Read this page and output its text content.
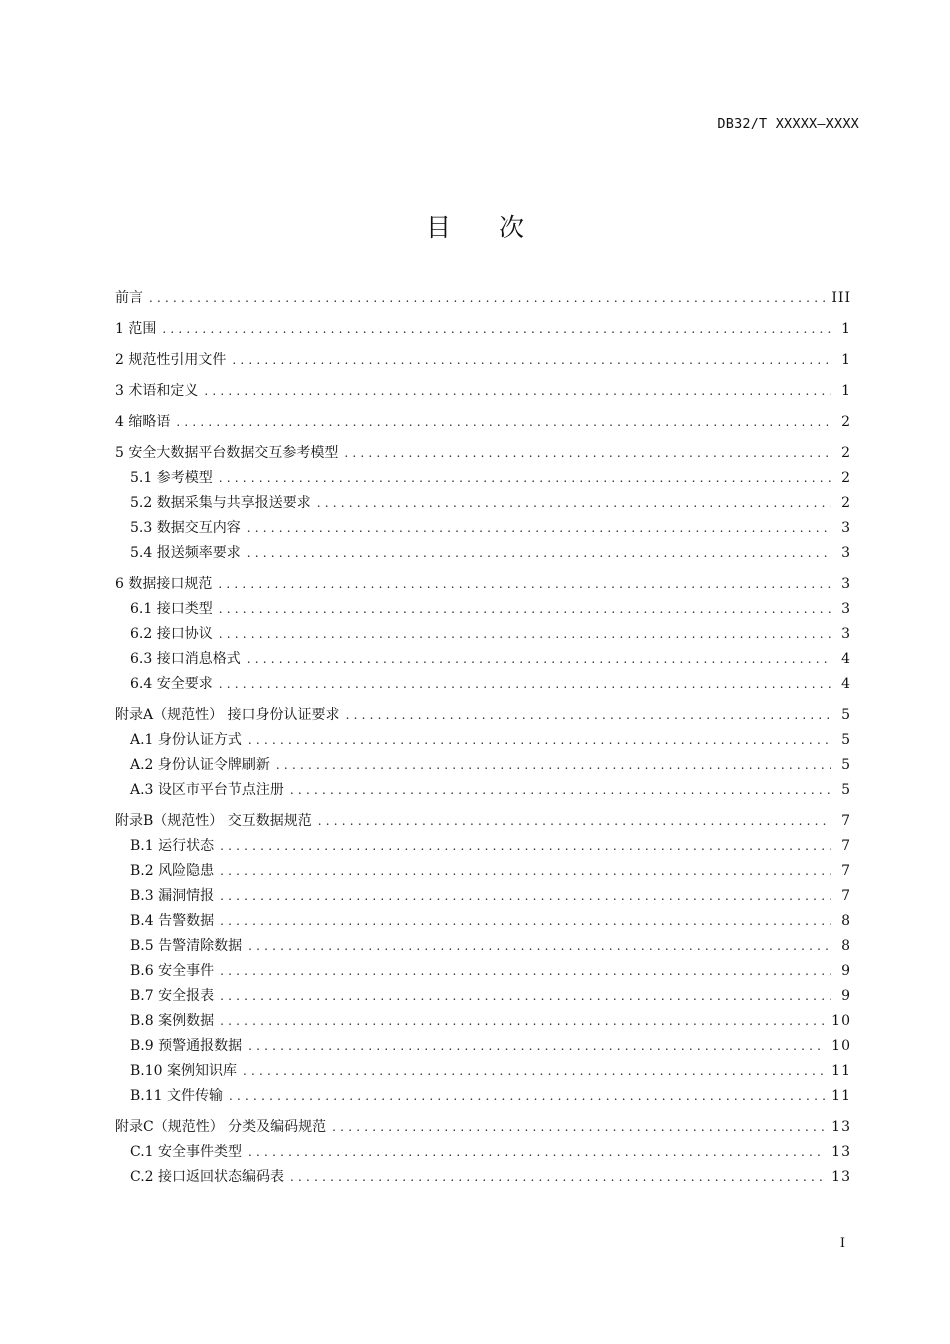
DB32/T XXXXX—XXXX
目次
前言 .....	III
1 范围 .....	1
2 规范性引用文件 .....	1
3 术语和定义 .....	1
4 缩略语 .....	2
5 安全大数据平台数据交互参考模型 .....	2
5.1 参考模型 .....	2
5.2 数据采集与共享报送要求 .....	2
5.3 数据交互内容 .....	3
5.4 报送频率要求 .....	3
6 数据接口规范 .....	3
6.1 接口类型 .....	3
6.2 接口协议 .....	3
6.3 接口消息格式 .....	4
6.4 安全要求 .....	4
附录A（规范性） 接口身份认证要求 .....	5
A.1 身份认证方式 .....	5
A.2 身份认证令牌刷新 .....	5
A.3 设区市平台节点注册 .....	5
附录B（规范性） 交互数据规范 .....	7
B.1 运行状态 .....	7
B.2 风险隐患 .....	7
B.3 漏洞情报 .....	7
B.4 告警数据 .....	8
B.5 告警清除数据 .....	8
B.6 安全事件 .....	9
B.7 安全报表 .....	9
B.8 案例数据 .....	10
B.9 预警通报数据 .....	10
B.10 案例知识库 .....	11
B.11 文件传输 .....	11
附录C（规范性） 分类及编码规范 .....	13
C.1 安全事件类型 .....	13
C.2 接口返回状态编码表 .....	13
I
